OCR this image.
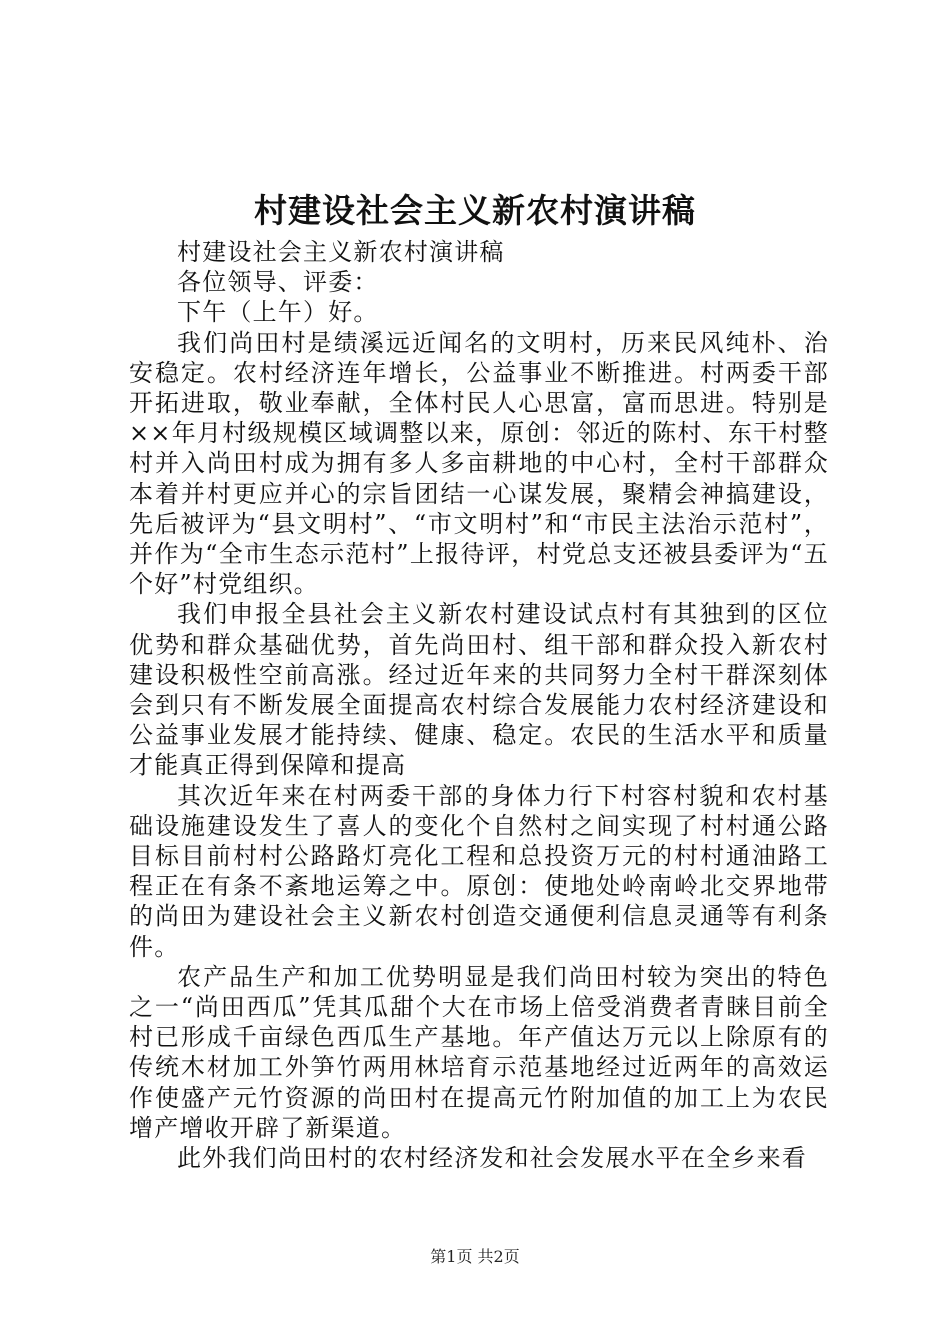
村建设社会主义新农村演讲稿

村建设社会主义新农村演讲稿

各位领导、评委：

下午（上午）好。

我们尚田村是绩溪远近闻名的文明村，历来民风纯朴、治安稳定。农村经济连年增长，公益事业不断推进。村两委干部开拓进取，敬业奉献，全体村民人心思富，富而思进。特别是××年月村级规模区域调整以来，原创：邻近的陈村、东干村整村并入尚田村成为拥有多人多亩耕地的中心村，全村干部群众本着并村更应并心的宗旨团结一心谋发展，聚精会神搞建设，先后被评为“县文明村”、“市文明村”和“市民主法治示范村”，并作为“全市生态示范村”上报待评，村党总支还被县委评为“五个好”村党组织。

我们申报全县社会主义新农村建设试点村有其独到的区位优势和群众基础优势，首先尚田村、组干部和群众投入新农村建设积极性空前高涨。经过近年来的共同努力全村干群深刻体会到只有不断发展全面提高农村综合发展能力农村经济建设和公益事业发展才能持续、健康、稳定。农民的生活水平和质量才能真正得到保障和提高

其次近年来在村两委干部的身体力行下村容村貌和农村基础设施建设发生了喜人的变化个自然村之间实现了村村通公路目标目前村村公路路灯亮化工程和总投资万元的村村通油路工程正在有条不紊地运筹之中。原创：使地处岭南岭北交界地带的尚田为建设社会主义新农村创造交通便利信息灵通等有利条件。

农产品生产和加工优势明显是我们尚田村较为突出的特色之一“尚田西瓜”凭其瓜甜个大在市场上倍受消费者青睐目前全村已形成千亩绿色西瓜生产基地。年产值达万元以上除原有的传统木材加工外笋竹两用林培育示范基地经过近两年的高效运作使盛产元竹资源的尚田村在提高元竹附加值的加工上为农民增产增收开辟了新渠道。

此外我们尚田村的农村经济发和社会发展水平在全乡来看

第1页 共2页
